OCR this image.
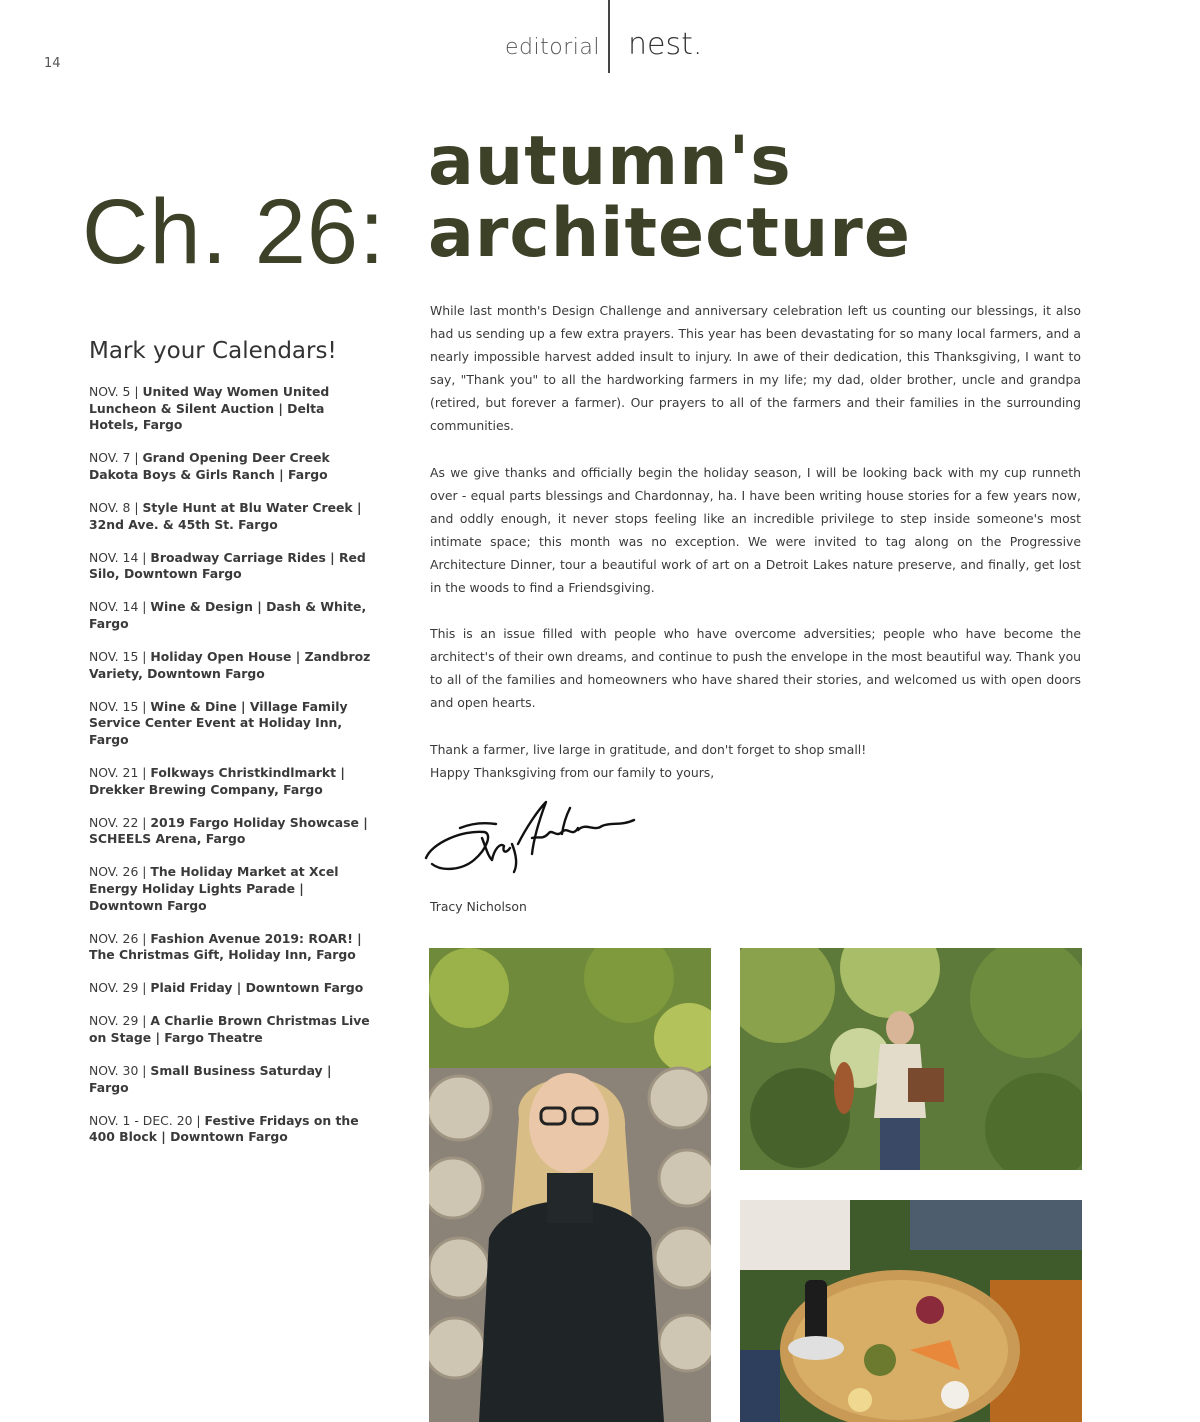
14
editorial nest.
Ch. 26:
autumn's
architecture
Mark your Calendars!
NOV. 5 | United Way Women United Luncheon & Silent Auction | Delta Hotels, Fargo
NOV. 7 | Grand Opening Deer Creek Dakota Boys & Girls Ranch | Fargo
NOV. 8 | Style Hunt at Blu Water Creek | 32nd Ave. & 45th St. Fargo
NOV. 14 | Broadway Carriage Rides | Red Silo, Downtown Fargo
NOV. 14 | Wine & Design | Dash & White, Fargo
NOV. 15 | Holiday Open House | Zandbroz Variety, Downtown Fargo
NOV. 15 | Wine & Dine | Village Family Service Center Event at Holiday Inn, Fargo
NOV. 21 | Folkways Christkindlmarkt | Drekker Brewing Company, Fargo
NOV. 22 | 2019 Fargo Holiday Showcase | SCHEELS Arena, Fargo
NOV. 26 | The Holiday Market at Xcel Energy Holiday Lights Parade | Downtown Fargo
NOV. 26 | Fashion Avenue 2019: ROAR! | The Christmas Gift, Holiday Inn, Fargo
NOV. 29 | Plaid Friday | Downtown Fargo
NOV. 29 | A Charlie Brown Christmas Live on Stage | Fargo Theatre
NOV. 30 | Small Business Saturday | Fargo
NOV. 1 - DEC. 20 | Festive Fridays on the 400 Block | Downtown Fargo

While last month's Design Challenge and anniversary celebration left us counting our blessings, it also had us sending up a few extra prayers. This year has been devastating for so many local farmers, and a nearly impossible harvest added insult to injury. In awe of their dedication, this Thanksgiving, I want to say, "Thank you" to all the hardworking farmers in my life; my dad, older brother, uncle and grandpa (retired, but forever a farmer). Our prayers to all of the farmers and their families in the surrounding communities.

As we give thanks and officially begin the holiday season, I will be looking back with my cup runneth over - equal parts blessings and Chardonnay, ha. I have been writing house stories for a few years now, and oddly enough, it never stops feeling like an incredible privilege to step inside someone's most intimate space; this month was no exception. We were invited to tag along on the Progressive Architecture Dinner, tour a beautiful work of art on a Detroit Lakes nature preserve, and finally, get lost in the woods to find a Friendsgiving.

This is an issue filled with people who have overcome adversities; people who have become the architect's of their own dreams, and continue to push the envelope in the most beautiful way. Thank you to all of the families and homeowners who have shared their stories, and welcomed us with open doors and open hearts.

Thank a farmer, live large in gratitude, and don't forget to shop small!
Happy Thanksgiving from our family to yours,
Tracy Nicholson
